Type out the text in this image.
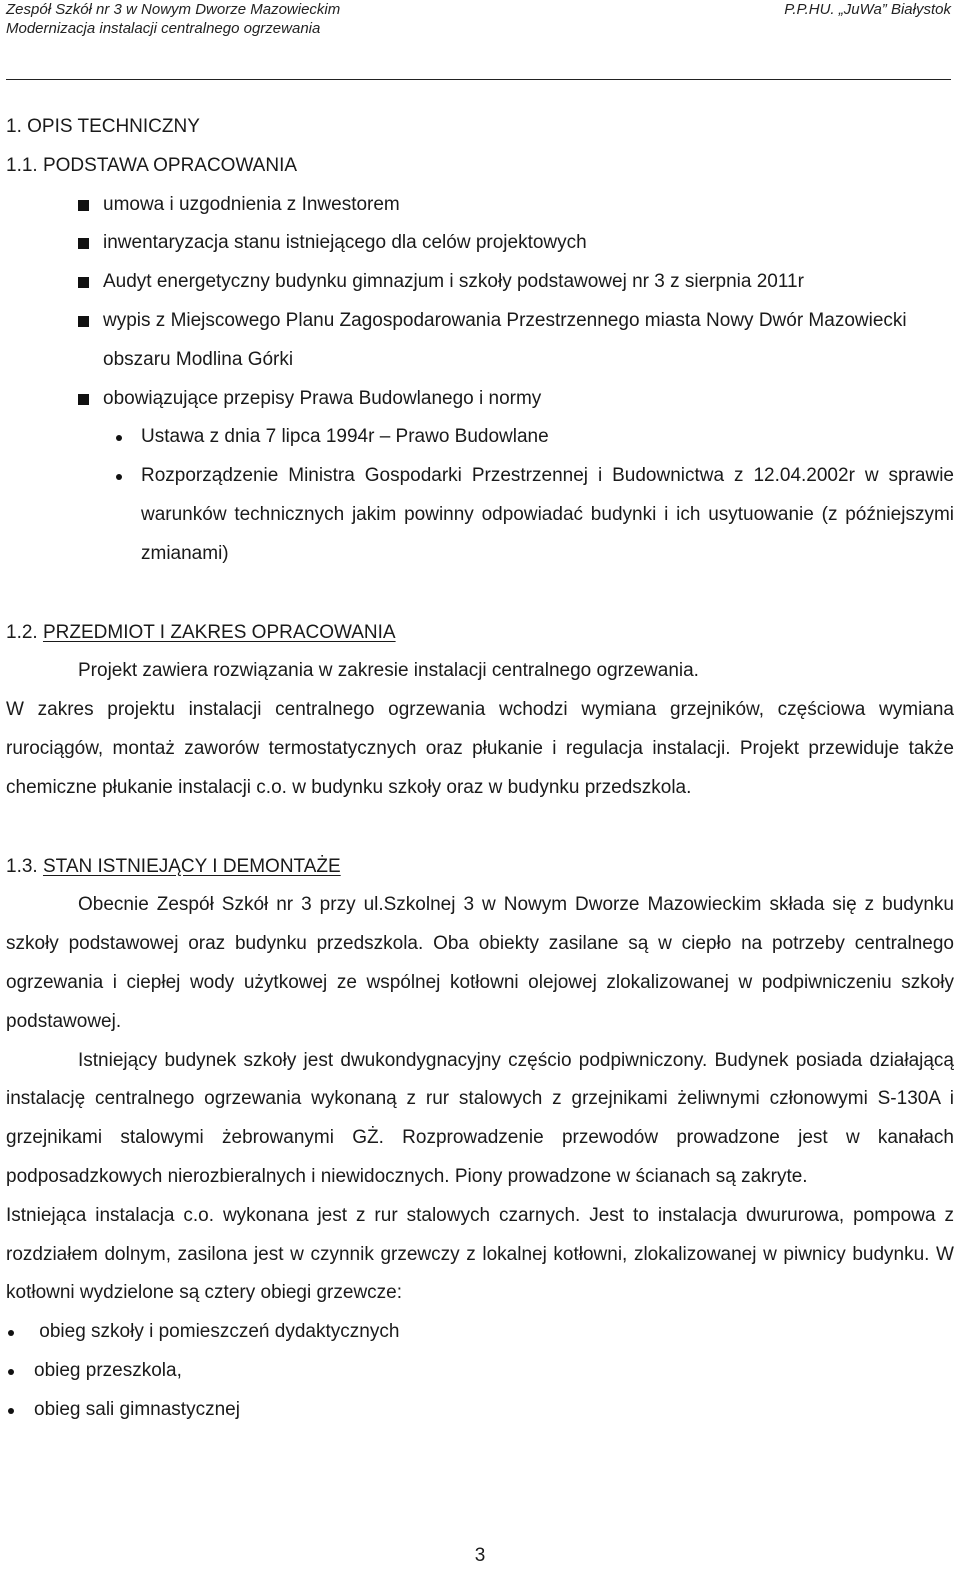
Zespół Szkół nr 3 w Nowym Dworze Mazowieckim	P.P.HU. „JuWa” Białystok
Modernizacja instalacji centralnego ogrzewania
1. OPIS TECHNICZNY
1.1. PODSTAWA OPRACOWANIA
umowa i uzgodnienia z Inwestorem
inwentaryzacja stanu istniejącego dla celów projektowych
Audyt energetyczny budynku gimnazjum i szkoły podstawowej nr 3 z sierpnia 2011r
wypis z Miejscowego Planu Zagospodarowania Przestrzennego miasta Nowy Dwór Mazowiecki obszaru Modlina Górki
obowiązujące przepisy Prawa Budowlanego i normy
Ustawa z dnia 7 lipca 1994r – Prawo Budowlane
Rozporządzenie Ministra Gospodarki Przestrzennej i Budownictwa z 12.04.2002r w sprawie warunków technicznych jakim powinny odpowiadać budynki i ich usytuowanie (z późniejszymi zmianami)
1.2. PRZEDMIOT I ZAKRES OPRACOWANIA
Projekt zawiera rozwiązania w zakresie instalacji centralnego ogrzewania.
W zakres projektu instalacji centralnego ogrzewania wchodzi wymiana grzejników, częściowa wymiana rurociągów, montaż zaworów termostatycznych oraz płukanie i regulacja instalacji. Projekt przewiduje także chemiczne płukanie instalacji c.o. w budynku szkoły oraz w budynku przedszkola.
1.3. STAN ISTNIEJĄCY I DEMONTAŻE
Obecnie Zespół Szkół nr 3 przy ul.Szkolnej 3 w Nowym Dworze Mazowieckim składa się z budynku szkoły podstawowej oraz budynku przedszkola. Oba obiekty zasilane są w ciepło na potrzeby centralnego ogrzewania i ciepłej wody użytkowej ze wspólnej kotłowni olejowej zlokalizowanej w podpiwniczeniu szkoły podstawowej.
Istniejący budynek szkoły jest dwukondygnacyjny częścio podpiwniczony. Budynek posiada działającą instalację centralnego ogrzewania wykonaną z rur stalowych z grzejnikami żeliwnymi członowymi S-130A i grzejnikami stalowymi żebrowanymi GŻ. Rozprowadzenie przewodów prowadzone jest w kanałach podposadzkowych nierozbieralnych i niewidocznych. Piony prowadzone w ścianach są zakryte.
Istniejąca instalacja c.o. wykonana jest z rur stalowych czarnych. Jest to instalacja dwururowa, pompowa z rozdziałem dolnym, zasilona jest w czynnik grzewczy z lokalnej kotłowni, zlokalizowanej w piwnicy budynku. W kotłowni wydzielone są cztery obiegi grzewcze:
obieg szkoły i pomieszczeń dydaktycznych
obieg przeszkola,
obieg sali gimnastycznej
3
